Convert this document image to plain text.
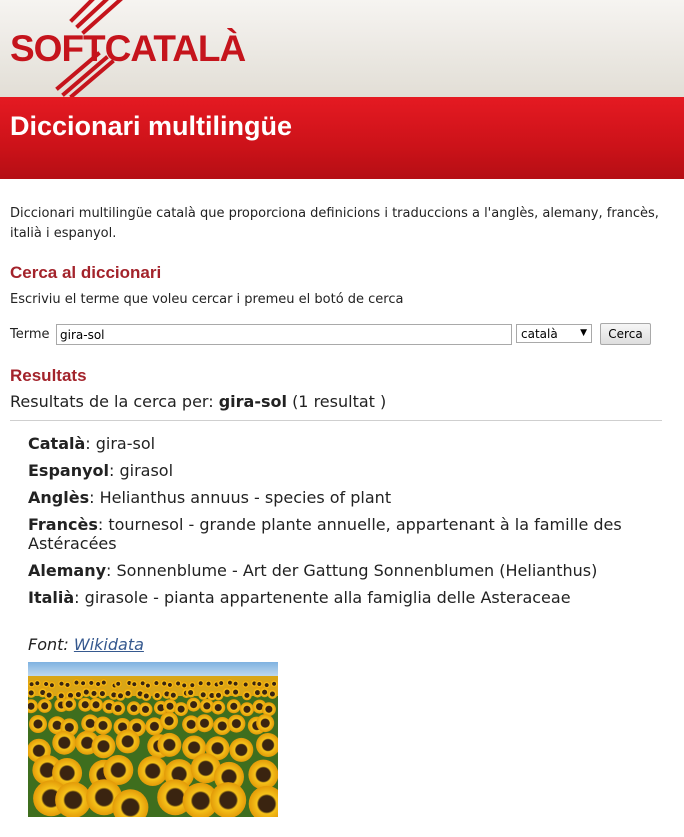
SOFTCATALÀ
Diccionari multilingüe

Diccionari multilingüe català que proporciona definicions i traduccions a l'anglès, alemany, francès, italià i espanyol.

Cerca al diccionari

Escriviu el terme que voleu cercar i premeu el botó de cerca

Terme
gira-sol	català ▼	Cerca
Resultats

Resultats de la cerca per: gira-sol (1 resultat )

Català: gira-sol

Espanyol: girasol

Anglès: Helianthus annuus - species of plant

Francès: tournesol - grande plante annuelle, appartenant à la famille des Astéracées

Alemany: Sonnenblume - Art der Gattung Sonnenblumen (Helianthus)

Italià: girasole - pianta appartenente alla famiglia delle Asteraceae

Font: Wikidata
